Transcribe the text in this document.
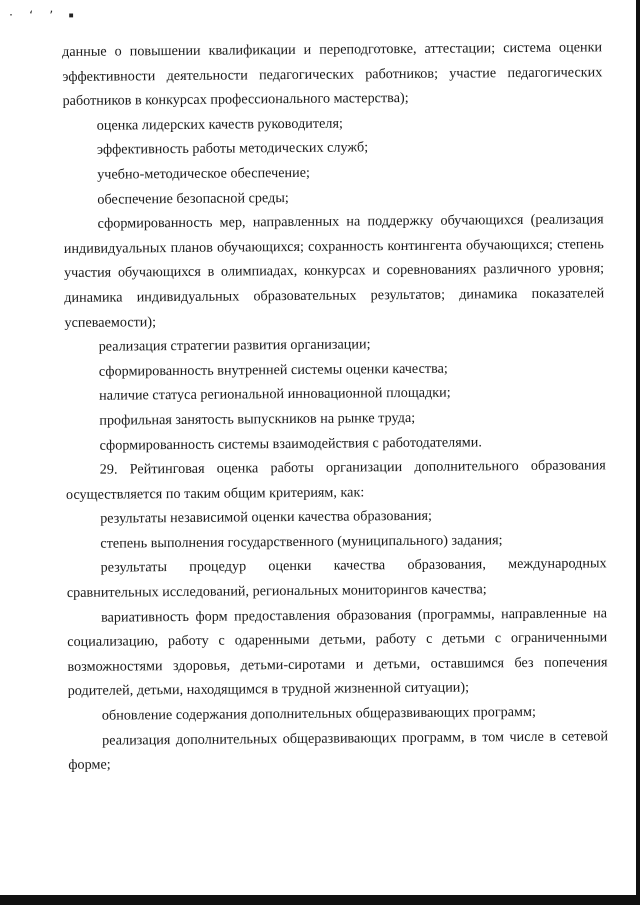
· ‘ ʼ ▪

данные о повышении квалификации и переподготовке, аттестации; система оценки эффективности деятельности педагогических работников; участие педагогических работников в конкурсах профессионального мастерства);

оценка лидерских качеств руководителя;

эффективность работы методических служб;

учебно-методическое обеспечение;

обеспечение безопасной среды;

сформированность мер, направленных на поддержку обучающихся (реализация индивидуальных планов обучающихся; сохранность контингента обучающихся; степень участия обучающихся в олимпиадах, конкурсах и соревнованиях различного уровня; динамика индивидуальных образовательных результатов; динамика показателей успеваемости);

реализация стратегии развития организации;

сформированность внутренней системы оценки качества;

наличие статуса региональной инновационной площадки;

профильная занятость выпускников на рынке труда;

сформированность системы взаимодействия с работодателями.

29. Рейтинговая оценка работы организации дополнительного образования осуществляется по таким общим критериям, как:

результаты независимой оценки качества образования;

степень выполнения государственного (муниципального) задания;

результаты процедур оценки качества образования, международных сравнительных исследований, региональных мониторингов качества;

вариативность форм предоставления образования (программы, направленные на социализацию, работу с одаренными детьми, работу с детьми с ограниченными возможностями здоровья, детьми-сиротами и детьми, оставшимся без попечения родителей, детьми, находящимся в трудной жизненной ситуации);

обновление содержания дополнительных общеразвивающих программ;

реализация дополнительных общеразвивающих программ, в том числе в сетевой форме;
